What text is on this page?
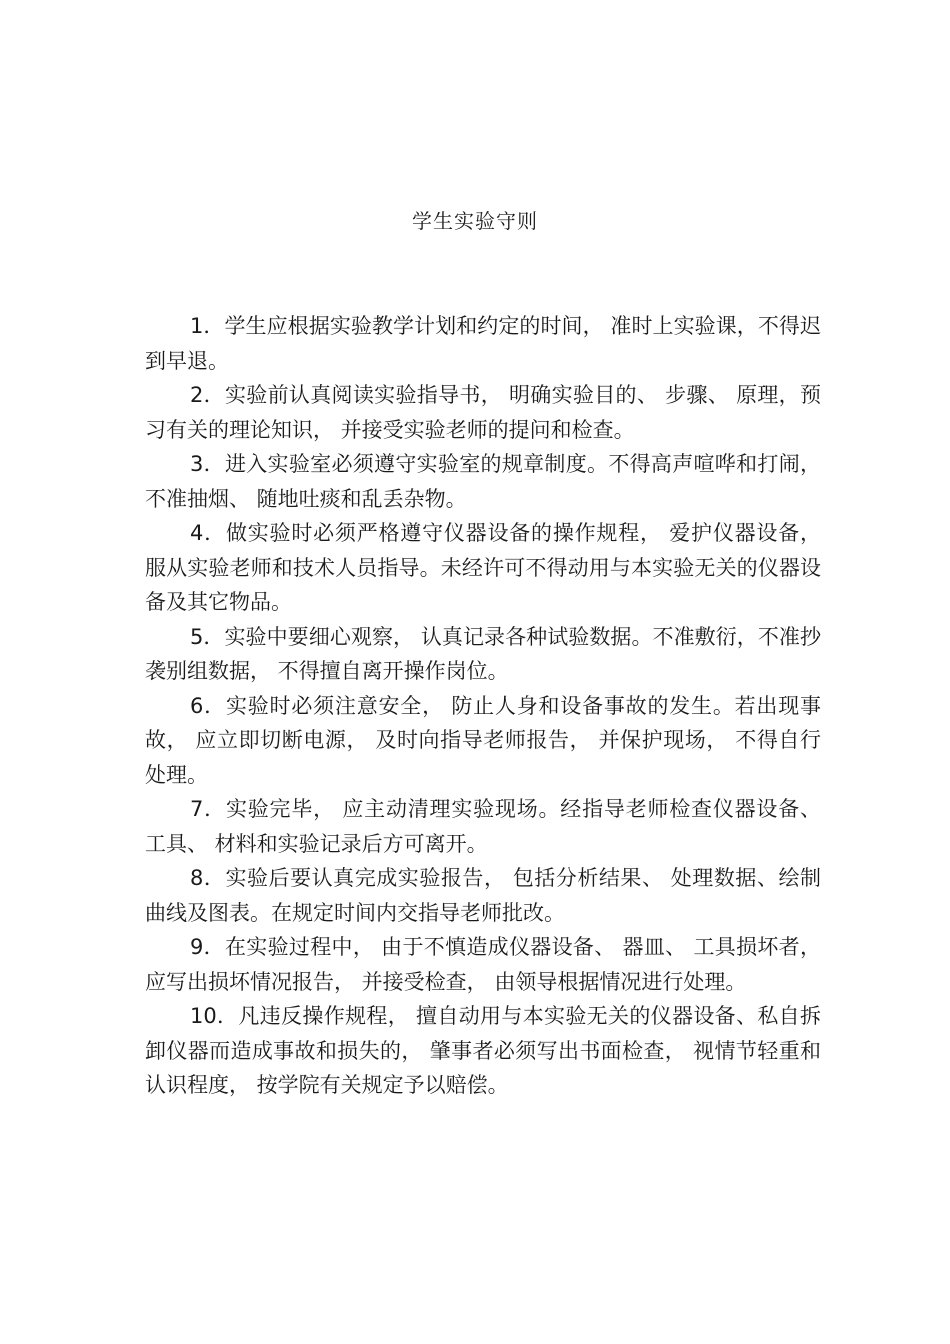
学生实验守则
1．学生应根据实验教学计划和约定的时间， 准时上实验课，不得迟到早退。
2．实验前认真阅读实验指导书， 明确实验目的、 步骤、 原理，预习有关的理论知识， 并接受实验老师的提问和检查。
3．进入实验室必须遵守实验室的规章制度。不得高声喧哗和打闹， 不准抽烟、 随地吐痰和乱丢杂物。
4．做实验时必须严格遵守仪器设备的操作规程， 爱护仪器设备， 服从实验老师和技术人员指导。未经许可不得动用与本实验无关的仪器设备及其它物品。
5．实验中要细心观察， 认真记录各种试验数据。不准敷衍，不准抄袭别组数据， 不得擅自离开操作岗位。
6．实验时必须注意安全， 防止人身和设备事故的发生。若出现事故， 应立即切断电源， 及时向指导老师报告， 并保护现场， 不得自行处理。
7．实验完毕， 应主动清理实验现场。经指导老师检查仪器设备、 工具、 材料和实验记录后方可离开。
8．实验后要认真完成实验报告， 包括分析结果、 处理数据、绘制曲线及图表。在规定时间内交指导老师批改。
9．在实验过程中， 由于不慎造成仪器设备、 器皿、 工具损坏者， 应写出损坏情况报告， 并接受检查， 由领导根据情况进行处理。
10．凡违反操作规程， 擅自动用与本实验无关的仪器设备、私自拆卸仪器而造成事故和损失的， 肇事者必须写出书面检查， 视情节轻重和认识程度， 按学院有关规定予以赔偿。
